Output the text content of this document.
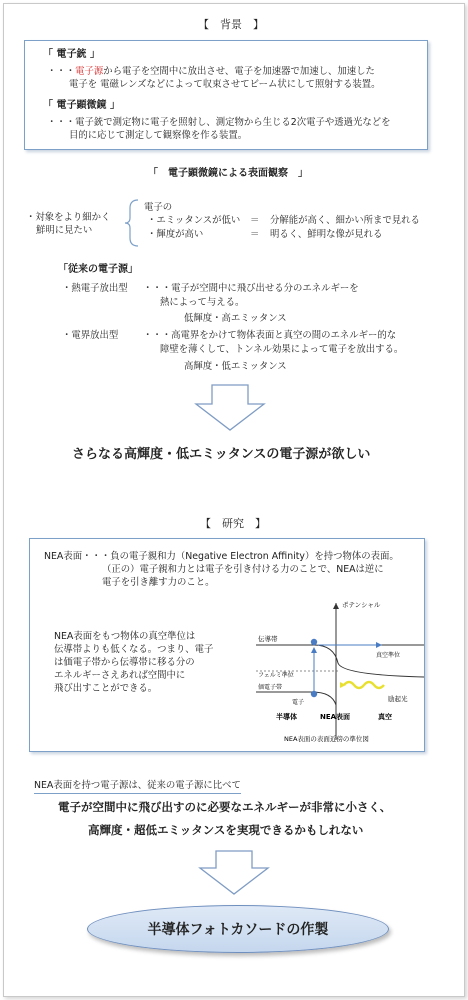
【　背景　】
「 電子銃 」
・・・電子源から電子を空間中に放出させ、電子を加速器で加速し、加速した
電子を 電磁レンズなどによって収束させてビーム状にして照射する装置。
「 電子顕微鏡 」
・・・電子銃で測定物に電子を照射し、測定物から生じる2次電子や透過光などを
目的に応じて測定して観察像を作る装置。
「　電子顕微鏡による表面観察　」
・対象をより細かく
鮮明に見たい
電子の
・エミッタンスが低い ＝ 分解能が高く、細かい所まで見れる
・輝度が高い	＝ 明るく、鮮明な像が見れる
「従来の電子源」
・熱電子放出型 ・・・電子が空間中に飛び出せる分のエネルギーを
熱によって与える。
低輝度・高エミッタンス
・電界放出型	・・・高電界をかけて物体表面と真空の間のエネルギー的な
障壁を薄くして、トンネル効果によって電子を放出する。
高輝度・低エミッタンス
さらなる高輝度・低エミッタンスの電子源が欲しい
【　研究　】
NEA表面・・・負の電子親和力（Negative Electron Affinity）を持つ物体の表面。
（正の）電子親和力とは電子を引き付ける力のことで、NEAは逆に
電子を引き離す力のこと。
NEA表面をもつ物体の真空準位は
伝導帯よりも低くなる。つまり、電子
は価電子帯から伝導帯に移る分の
エネルギーさえあれば空間中に
飛び出すことができる。
ポテンシャル
伝導帯
真空準位
フェルミ準位
価電子帯
電子	励起光
半導体	NEA表面	真空
NEA表面の表面近傍の準位図
NEA表面を持つ電子源は、従来の電子源に比べて
電子が空間中に飛び出すのに必要なエネルギーが非常に小さく、
高輝度・超低エミッタンスを実現できるかもしれない
半導体フォトカソードの作製
